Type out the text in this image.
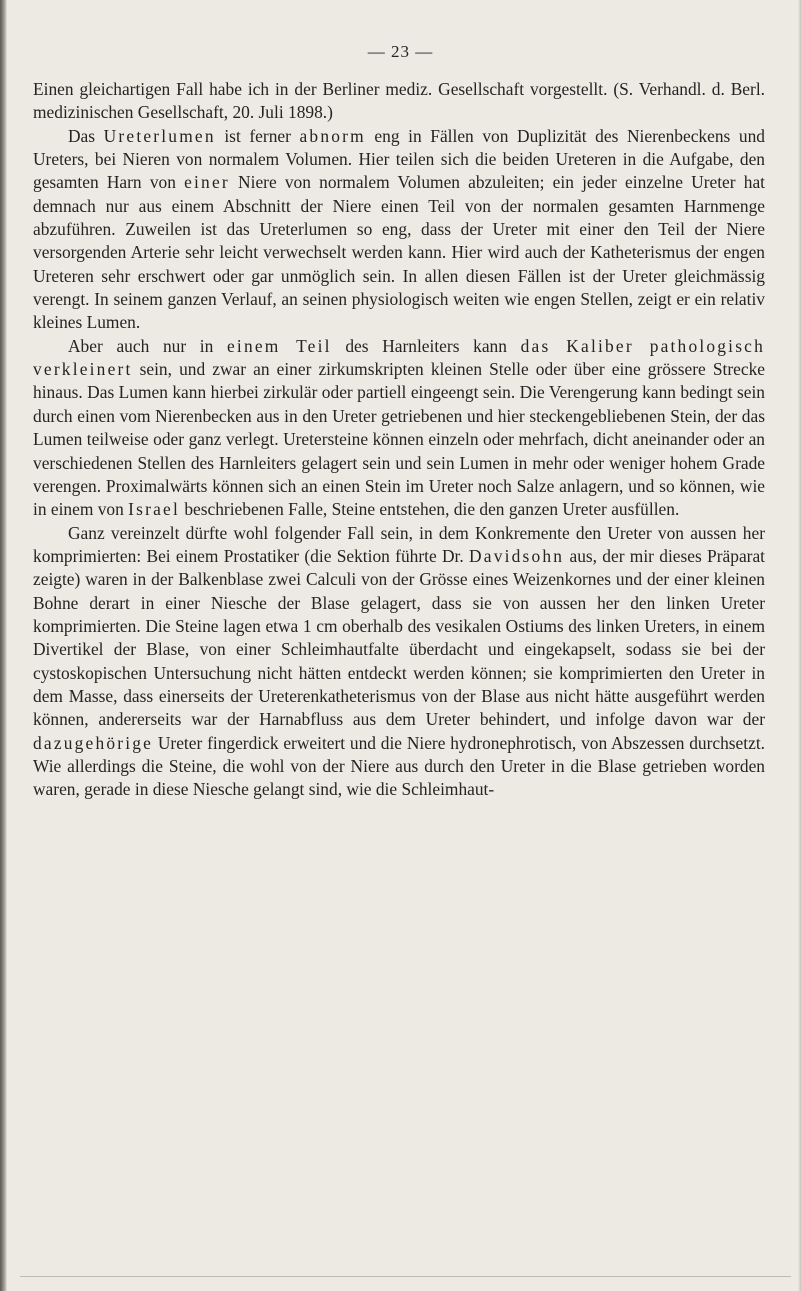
— 23 —

Einen gleichartigen Fall habe ich in der Berliner mediz. Gesellschaft vorgestellt. (S. Verhandl. d. Berl. medizinischen Gesellschaft, 20. Juli 1898.)

Das Ureterlumen ist ferner abnorm eng in Fällen von Duplizität des Nierenbeckens und Ureters, bei Nieren von normalem Volumen. Hier teilen sich die beiden Ureteren in die Aufgabe, den gesamten Harn von einer Niere von normalem Volumen abzuleiten; ein jeder einzelne Ureter hat demnach nur aus einem Abschnitt der Niere einen Teil von der normalen gesamten Harnmenge abzuführen. Zuweilen ist das Ureterlumen so eng, dass der Ureter mit einer den Teil der Niere versorgenden Arterie sehr leicht verwechselt werden kann. Hier wird auch der Katheterismus der engen Ureteren sehr erschwert oder gar unmöglich sein. In allen diesen Fällen ist der Ureter gleichmässig verengt. In seinem ganzen Verlauf, an seinen physiologisch weiten wie engen Stellen, zeigt er ein relativ kleines Lumen.

Aber auch nur in einem Teil des Harnleiters kann das Kaliber pathologisch verkleinert sein, und zwar an einer zirkumskripten kleinen Stelle oder über eine grössere Strecke hinaus. Das Lumen kann hierbei zirkulär oder partiell eingeengt sein. Die Verengerung kann bedingt sein durch einen vom Nierenbecken aus in den Ureter getriebenen und hier steckengebliebenen Stein, der das Lumen teilweise oder ganz verlegt. Uretersteine können einzeln oder mehrfach, dicht aneinander oder an verschiedenen Stellen des Harnleiters gelagert sein und sein Lumen in mehr oder weniger hohem Grade verengen. Proximalwärts können sich an einen Stein im Ureter noch Salze anlagern, und so können, wie in einem von Israel beschriebenen Falle, Steine entstehen, die den ganzen Ureter ausfüllen.

Ganz vereinzelt dürfte wohl folgender Fall sein, in dem Konkremente den Ureter von aussen her komprimierten: Bei einem Prostatiker (die Sektion führte Dr. Davidsohn aus, der mir dieses Präparat zeigte) waren in der Balkenblase zwei Calculi von der Grösse eines Weizenkornes und der einer kleinen Bohne derart in einer Niesche der Blase gelagert, dass sie von aussen her den linken Ureter komprimierten. Die Steine lagen etwa 1 cm oberhalb des vesikalen Ostiums des linken Ureters, in einem Divertikel der Blase, von einer Schleimhautfalte überdacht und eingekapselt, sodass sie bei der cystoskopischen Untersuchung nicht hätten entdeckt werden können; sie komprimierten den Ureter in dem Masse, dass einerseits der Ureterenkatheterismus von der Blase aus nicht hätte ausgeführt werden können, andererseits war der Harnabfluss aus dem Ureter behindert, und infolge davon war der dazugehörige Ureter fingerdick erweitert und die Niere hydronephrotisch, von Abszessen durchsetzt. Wie allerdings die Steine, die wohl von der Niere aus durch den Ureter in die Blase getrieben worden waren, gerade in diese Niesche gelangt sind, wie die Schleimhaut-
